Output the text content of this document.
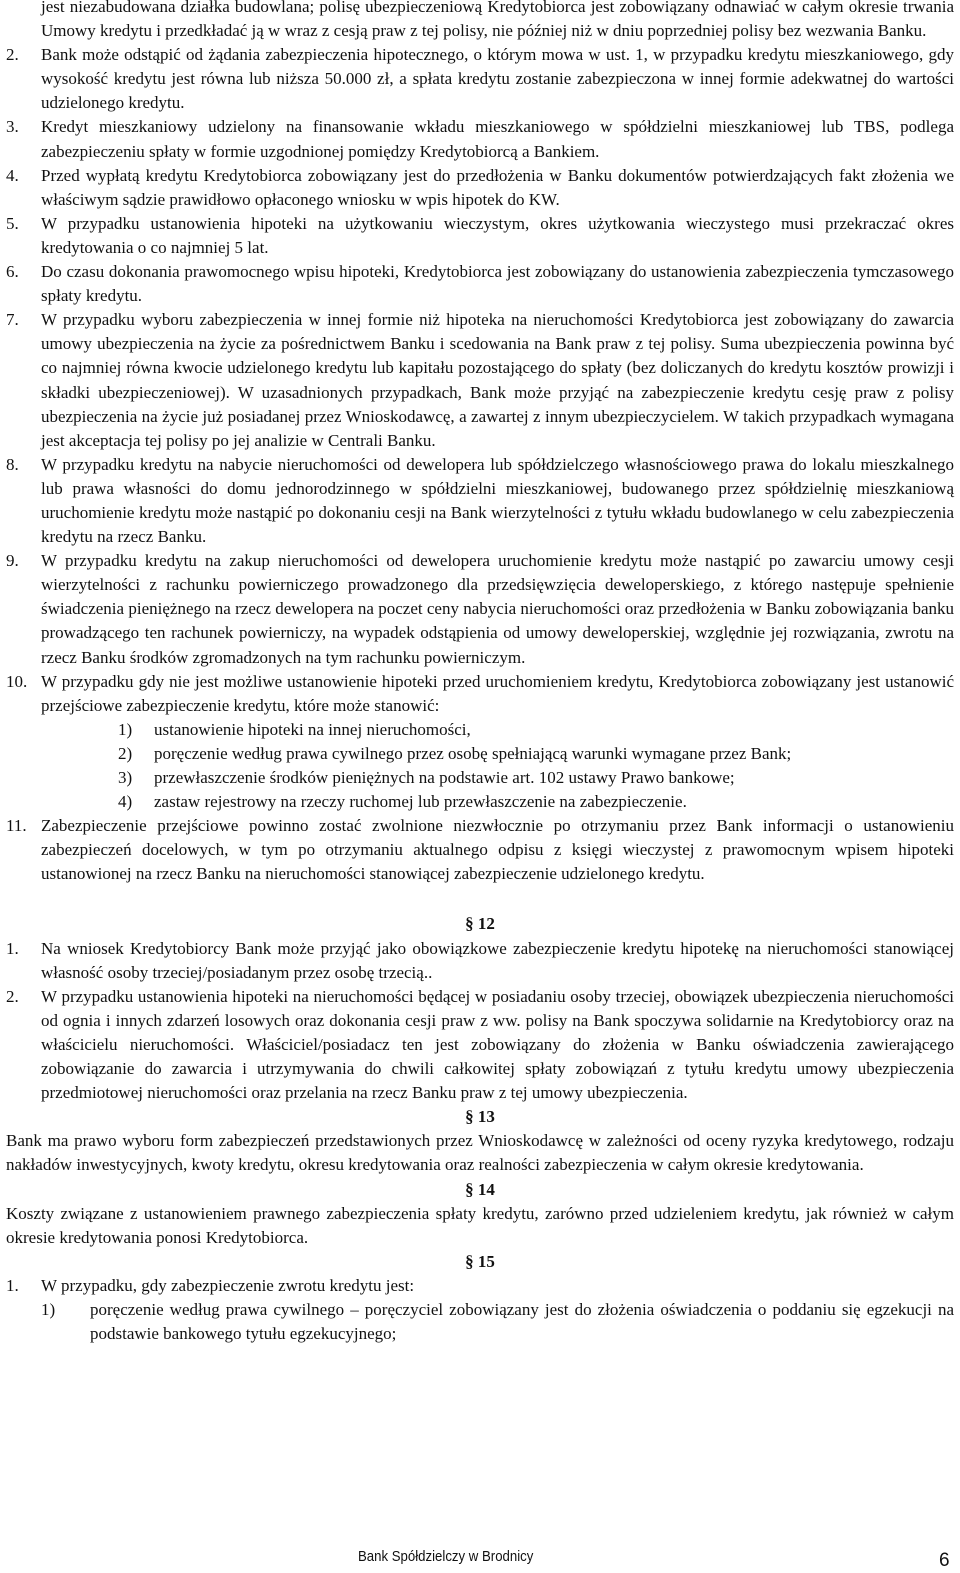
jest niezabudowana działka budowlana; polisę ubezpieczeniową Kredytobiorca jest zobowiązany odnawiać w całym okresie trwania Umowy kredytu i przedkładać ją w wraz z cesją praw z tej polisy, nie później niż w dniu poprzedniej polisy bez wezwania Banku.
2. Bank może odstąpić od żądania zabezpieczenia hipotecznego, o którym mowa w ust. 1, w przypadku kredytu mieszkaniowego, gdy wysokość kredytu jest równa lub niższa 50.000 zł, a spłata kredytu zostanie zabezpieczona w innej formie adekwatnej do wartości udzielonego kredytu.
3. Kredyt mieszkaniowy udzielony na finansowanie wkładu mieszkaniowego w spółdzielni mieszkaniowej lub TBS, podlega zabezpieczeniu spłaty w formie uzgodnionej pomiędzy Kredytobiorcą a Bankiem.
4. Przed wypłatą kredytu Kredytobiorca zobowiązany jest do przedłożenia w Banku dokumentów potwierdzających fakt złożenia we właściwym sądzie prawidłowo opłaconego wniosku w wpis hipotek do KW.
5. W przypadku ustanowienia hipoteki na użytkowaniu wieczystym, okres użytkowania wieczystego musi przekraczać okres kredytowania o co najmniej 5 lat.
6. Do czasu dokonania prawomocnego wpisu hipoteki, Kredytobiorca jest zobowiązany do ustanowienia zabezpieczenia tymczasowego spłaty kredytu.
7. W przypadku wyboru zabezpieczenia w innej formie niż hipoteka na nieruchomości Kredytobiorca jest zobowiązany do zawarcia umowy ubezpieczenia na życie za pośrednictwem Banku i scedowania na Bank praw z tej polisy. Suma ubezpieczenia powinna być co najmniej równa kwocie udzielonego kredytu lub kapitału pozostającego do spłaty (bez doliczanych do kredytu kosztów prowizji i składki ubezpieczeniowej). W uzasadnionych przypadkach, Bank może przyjąć na zabezpieczenie kredytu cesję praw z polisy ubezpieczenia na życie już posiadanej przez Wnioskodawcę, a zawartej z innym ubezpieczycielem. W takich przypadkach wymagana jest akceptacja tej polisy po jej analizie w Centrali Banku.
8. W przypadku kredytu na nabycie nieruchomości od dewelopera lub spółdzielczego własnościowego prawa do lokalu mieszkalnego lub prawa własności do domu jednorodzinnego w spółdzielni mieszkaniowej, budowanego przez spółdzielnię mieszkaniową uruchomienie kredytu może nastąpić po dokonaniu cesji na Bank wierzytelności z tytułu wkładu budowlanego w celu zabezpieczenia kredytu na rzecz Banku.
9. W przypadku kredytu na zakup nieruchomości od dewelopera uruchomienie kredytu może nastąpić po zawarciu umowy cesji wierzytelności z rachunku powierniczego prowadzonego dla przedsięwzięcia deweloperskiego, z którego następuje spełnienie świadczenia pieniężnego na rzecz dewelopera na poczet ceny nabycia nieruchomości oraz przedłożenia w Banku zobowiązania banku prowadzącego ten rachunek powierniczy, na wypadek odstąpienia od umowy deweloperskiej, względnie jej rozwiązania, zwrotu na rzecz Banku środków zgromadzonych na tym rachunku powierniczym.
10. W przypadku gdy nie jest możliwe ustanowienie hipoteki przed uruchomieniem kredytu, Kredytobiorca zobowiązany jest ustanowić przejściowe zabezpieczenie kredytu, które może stanowić:
1) ustanowienie hipoteki na innej nieruchomości,
2) poręczenie według prawa cywilnego przez osobę spełniającą warunki wymagane przez Bank;
3) przewłaszczenie środków pieniężnych na podstawie art. 102 ustawy Prawo bankowe;
4) zastaw rejestrowy na rzeczy ruchomej lub przewłaszczenie na zabezpieczenie.
11. Zabezpieczenie przejściowe powinno zostać zwolnione niezwłocznie po otrzymaniu przez Bank informacji o ustanowieniu zabezpieczeń docelowych, w tym po otrzymaniu aktualnego odpisu z księgi wieczystej z prawomocnym wpisem hipoteki ustanowionej na rzecz Banku na nieruchomości stanowiącej zabezpieczenie udzielonego kredytu.

§ 12

1. Na wniosek Kredytobiorcy Bank może przyjąć jako obowiązkowe zabezpieczenie kredytu hipotekę na nieruchomości stanowiącej własność osoby trzeciej/posiadanym przez osobę trzecią..
2. W przypadku ustanowienia hipoteki na nieruchomości będącej w posiadaniu osoby trzeciej, obowiązek ubezpieczenia nieruchomości od ognia i innych zdarzeń losowych oraz dokonania cesji praw z ww. polisy na Bank spoczywa solidarnie na Kredytobiorcy oraz na właścicielu nieruchomości. Właściciel/posiadacz ten jest zobowiązany do złożenia w Banku oświadczenia zawierającego zobowiązanie do zawarcia i utrzymywania do chwili całkowitej spłaty zobowiązań z tytułu kredytu umowy ubezpieczenia przedmiotowej nieruchomości oraz przelania na rzecz Banku praw z tej umowy ubezpieczenia.

§ 13

Bank ma prawo wyboru form zabezpieczeń przedstawionych przez Wnioskodawcę w zależności od oceny ryzyka kredytowego, rodzaju nakładów inwestycyjnych, kwoty kredytu, okresu kredytowania oraz realności zabezpieczenia w całym okresie kredytowania.

§ 14

Koszty związane z ustanowieniem prawnego zabezpieczenia spłaty kredytu, zarówno przed udzieleniem kredytu, jak również w całym okresie kredytowania ponosi Kredytobiorca.

§ 15

1. W przypadku, gdy zabezpieczenie zwrotu kredytu jest:
1) poręczenie według prawa cywilnego – poręczyciel zobowiązany jest do złożenia oświadczenia o poddaniu się egzekucji na podstawie bankowego tytułu egzekucyjnego;
Bank Spółdzielczy w Brodnicy	6
